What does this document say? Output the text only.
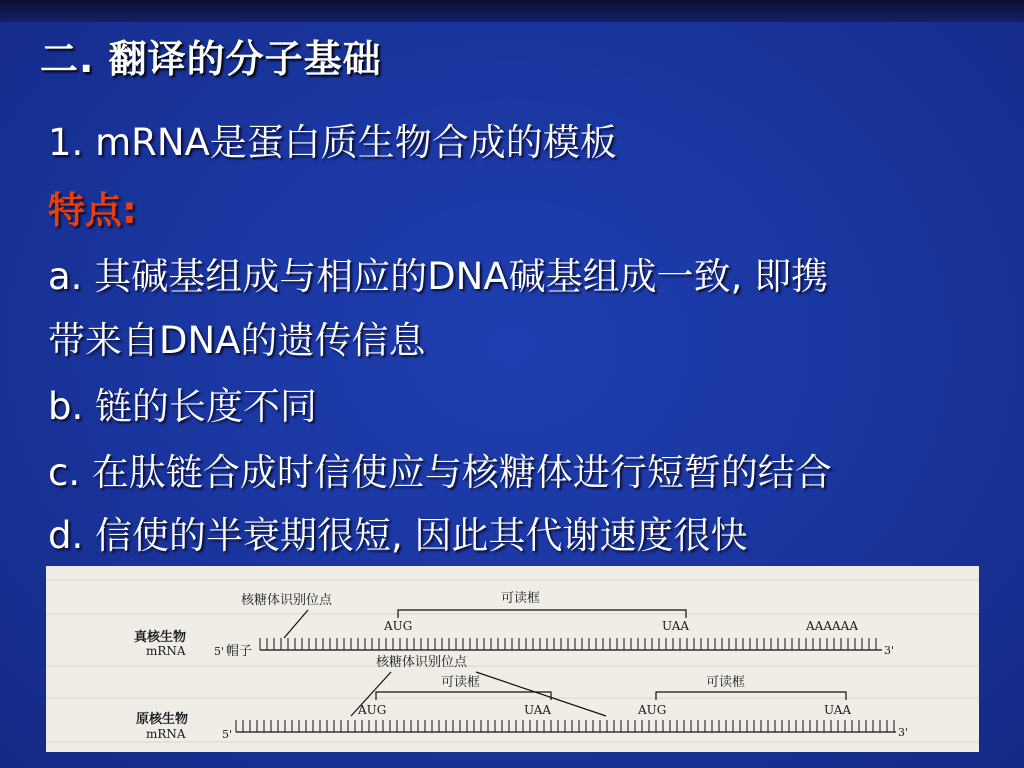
二. 翻译的分子基础
1. mRNA是蛋白质生物合成的模板
特点:
a. 其碱基组成与相应的DNA碱基组成一致, 即携
带来自DNA的遗传信息
b. 链的长度不同
c. 在肽链合成时信使应与核糖体进行短暂的结合
d. 信使的半衰期很短, 因此其代谢速度很快
真核生物
mRNA	5' 帽子
核糖体识别位点	可读框
AUG	UAA	AAAAAA
3'
原核生物
mRNA	5'
核糖体识别位点
可读框	可读框
AUG	UAA	AUG	UAA
3'
